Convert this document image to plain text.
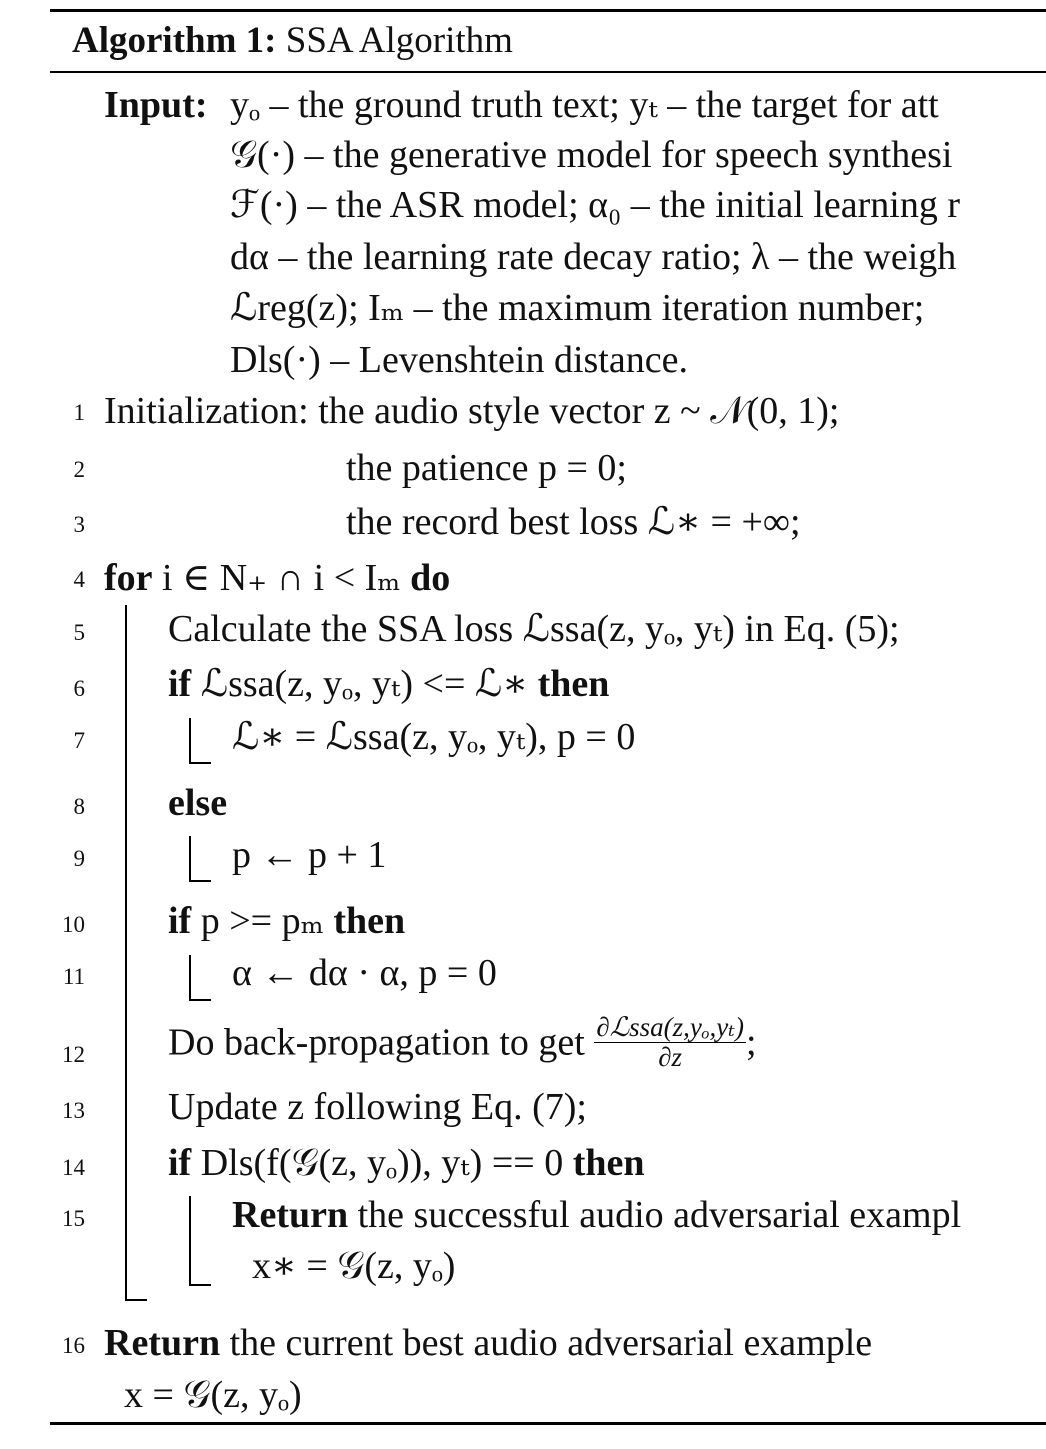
Algorithm 1: SSA Algorithm
Input: yₒ – the ground truth text; yₜ – the target for att
𝒢(·) – the generative model for speech synthesi
ℱ(·) – the ASR model; α₀ – the initial learning r
dα – the learning rate decay ratio; λ – the weigh
ℒreg(z); Iₘ – the maximum iteration number;
Dls(·) – Levenshtein distance.
1 Initialization: the audio style vector z ~ 𝒩(0, 1);
2	the patience p = 0;
3	the record best loss ℒ∗ = +∞;
4 for i ∈ N₊ ∩ i < Iₘ do
5 Calculate the SSA loss ℒssa(z, yₒ, yₜ) in Eq. (5);
6 if ℒssa(z, yₒ, yₜ) <= ℒ∗ then
7	ℒ∗ = ℒssa(z, yₒ, yₜ), p = 0
8 else
9	p ← p + 1
10 if p >= pₘ then
11	α ← dα · α, p = 0
12 Do back-propagation to get $\frac{\text{∂ℒssa(z,yₒ,yₜ)}}{\partial z}$ ;
13 Update z following Eq. (7);
14 if Dls(f(𝒢(z, yₒ)), yₜ) == 0 then
15	Return the successful audio adversarial exampl
x∗ = 𝒢(z, yₒ)
16 Return the current best audio adversarial example
x = 𝒢(z, yₒ)
